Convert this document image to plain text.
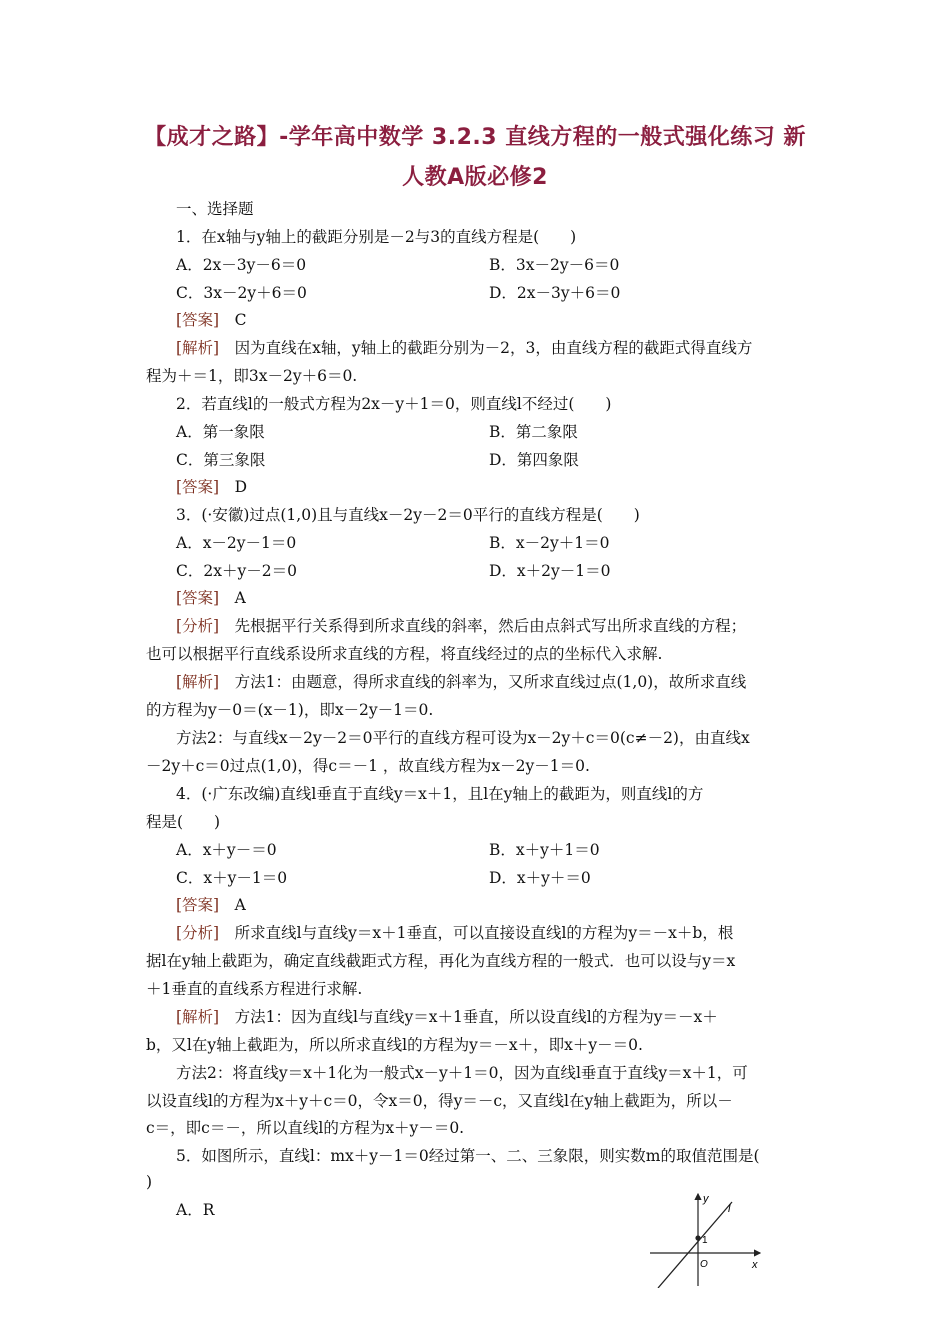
【成才之路】-学年高中数学 3.2.3 直线方程的一般式强化练习 新
人教A版必修2
一、选择题
1．在x轴与y轴上的截距分别是－2与3的直线方程是(　　)
A．2x－3y－6＝0	B．3x－2y－6＝0
C．3x－2y＋6＝0	D．2x－3y＋6＝0
[答案]　 C
[解析]　 因为直线在x轴，y轴上的截距分别为－2，3，由直线方程的截距式得直线方
程为＋＝1，即3x－2y＋6＝0.
2．若直线l的一般式方程为2x－y＋1＝0，则直线l不经过(　　)
A．第一象限	B．第二象限
C．第三象限	D．第四象限
[答案]　 D
3．(·安徽)过点(1,0)且与直线x－2y－2＝0平行的直线方程是(　　)
A．x－2y－1＝0	B．x－2y＋1＝0
C．2x＋y－2＝0	D．x＋2y－1＝0
[答案]　 A
[分析]　 先根据平行关系得到所求直线的斜率，然后由点斜式写出所求直线的方程；
也可以根据平行直线系设所求直线的方程，将直线经过的点的坐标代入求解.
[解析]　 方法1：由题意，得所求直线的斜率为，又所求直线过点(1,0)，故所求直线
的方程为y－0＝(x－1)，即x－2y－1＝0.
方法2：与直线x－2y－2＝0平行的直线方程可设为x－2y＋c＝0(c≠－2)，由直线x
－2y＋c＝0过点(1,0)，得c＝－1 ，故直线方程为x－2y－1＝0.
4．(·广东改编)直线l垂直于直线y＝x＋1，且l在y轴上的截距为，则直线l的方
程是(　　)
A．x＋y－＝0	B．x＋y＋1＝0
C．x＋y－1＝0	D．x＋y＋＝0
[答案]　 A
[分析]　 所求直线l与直线y＝x＋1垂直，可以直接设直线l的方程为y＝－x＋b，根
据l在y轴上截距为，确定直线截距式方程，再化为直线方程的一般式．也可以设与y＝x
＋1垂直的直线系方程进行求解.
[解析]　 方法1：因为直线l与直线y＝x＋1垂直，所以设直线l的方程为y＝－x＋
b，又l在y轴上截距为，所以所求直线l的方程为y＝－x＋，即x＋y－＝0.
方法2：将直线y＝x＋1化为一般式x－y＋1＝0，因为直线l垂直于直线y＝x＋1，可
以设直线l的方程为x＋y＋c＝0，令x＝0，得y＝－c，又直线l在y轴上截距为，所以－
c＝，即c＝－，所以直线l的方程为x＋y－＝0.
5．如图所示，直线l：mx＋y－1＝0经过第一、二、三象限，则实数m的取值范围是(
)
A．R
y
x
O
l
1
